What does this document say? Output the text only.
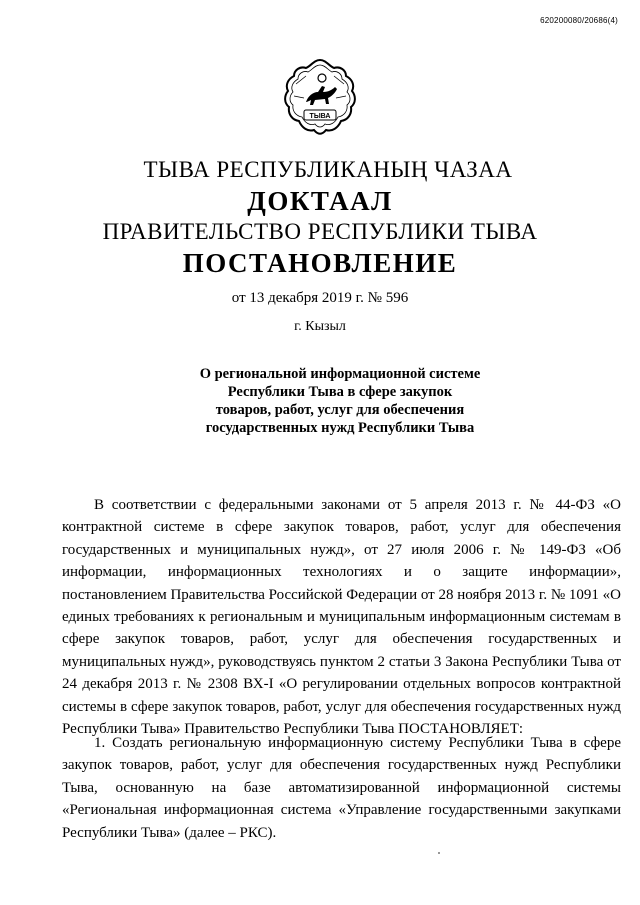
620200080/20686(4)
ТЫВА
ТЫВА РЕСПУБЛИКАНЫҢ ЧАЗАА
ДОКТААЛ
ПРАВИТЕЛЬСТВО РЕСПУБЛИКИ ТЫВА
ПОСТАНОВЛЕНИЕ
от 13 декабря 2019 г. № 596
г. Кызыл
О региональной информационной системе
Республики Тыва в сфере закупок
товаров, работ, услуг для обеспечения
государственных нужд Республики Тыва

В соответствии с федеральными законами от 5 апреля 2013 г. № 44-ФЗ «О контрактной системе в сфере закупок товаров, работ, услуг для обеспечения государственных и муниципальных нужд», от 27 июля 2006 г. № 149-ФЗ «Об информации, информационных технологиях и о защите информации», постановлением Правительства Российской Федерации от 28 ноября 2013 г. № 1091 «О единых требованиях к региональным и муниципальным информационным системам в сфере закупок товаров, работ, услуг для обеспечения государственных и муниципальных нужд», руководствуясь пунктом 2 статьи 3 Закона Республики Тыва от 24 декабря 2013 г. № 2308 ВХ-I «О регулировании отдельных вопросов контрактной системы в сфере закупок товаров, работ, услуг для обеспечения государственных нужд Республики Тыва» Правительство Республики Тыва ПОСТАНОВЛЯЕТ:

1. Создать региональную информационную систему Республики Тыва в сфере закупок товаров, работ, услуг для обеспечения государственных нужд Республики Тыва, основанную на базе автоматизированной информационной системы «Региональная информационная система «Управление государственными закупками Республики Тыва» (далее – РКС).
